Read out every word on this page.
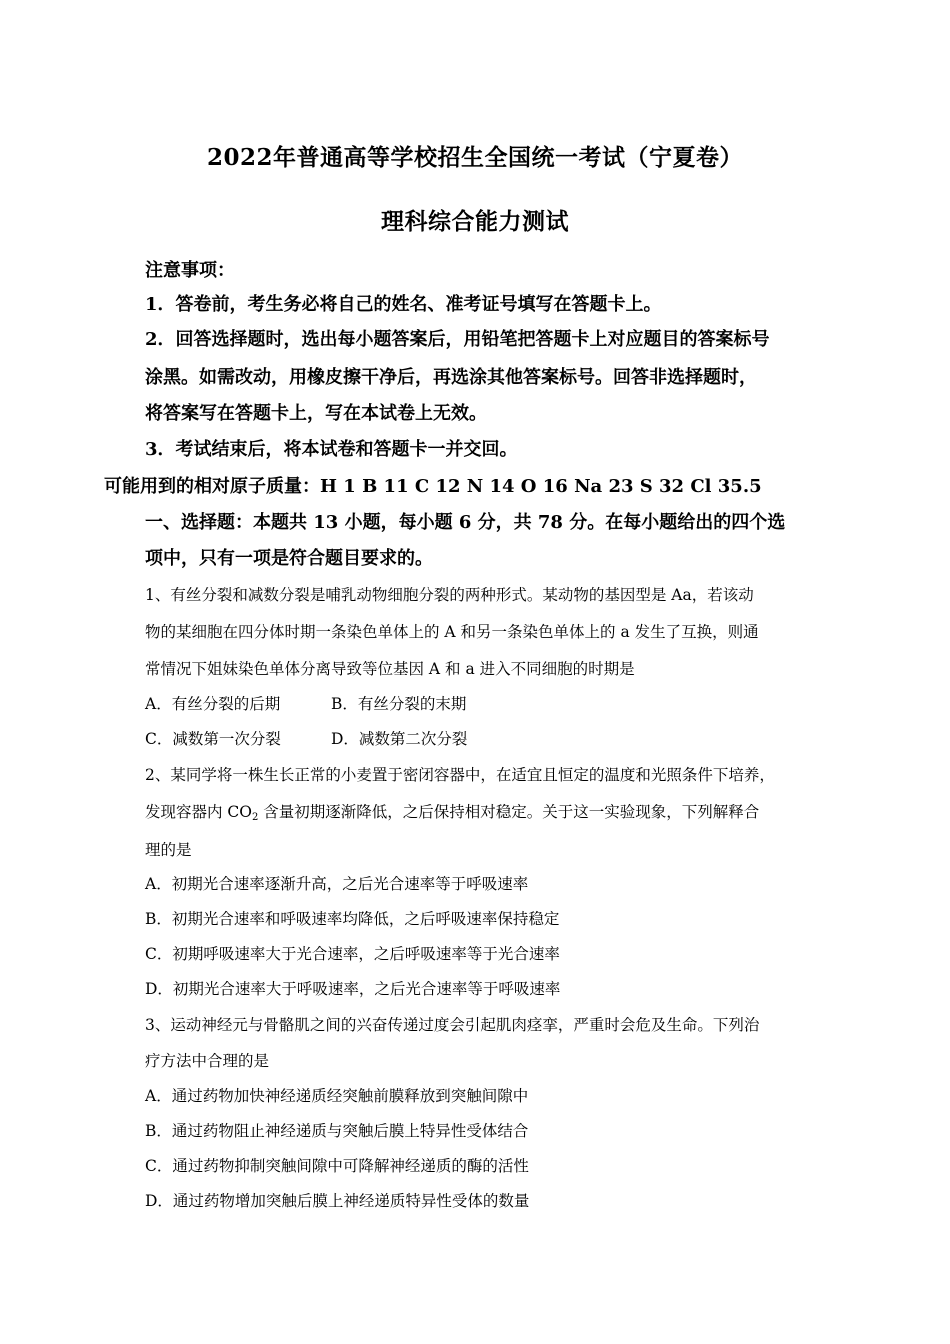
2022年普通高等学校招生全国统一考试（宁夏卷）
理科综合能力测试
注意事项：
1．答卷前，考生务必将自己的姓名、准考证号填写在答题卡上。
2．回答选择题时，选出每小题答案后，用铅笔把答题卡上对应题目的答案标号
涂黑。如需改动，用橡皮擦干净后，再选涂其他答案标号。回答非选择题时，
将答案写在答题卡上，写在本试卷上无效。
3．考试结束后，将本试卷和答题卡一并交回。
可能用到的相对原子质量：H 1 B 11 C 12 N 14 O 16 Na 23 S 32 Cl 35.5
一、选择题：本题共 13 小题，每小题 6 分，共 78 分。在每小题给出的四个选
项中，只有一项是符合题目要求的。
1、有丝分裂和减数分裂是哺乳动物细胞分裂的两种形式。某动物的基因型是 Aa，若该动
物的某细胞在四分体时期一条染色单体上的 A 和另一条染色单体上的 a 发生了互换，则通
常情况下姐妹染色单体分离导致等位基因 A 和 a 进入不同细胞的时期是
A．有丝分裂的后期	B．有丝分裂的末期
C．减数第一次分裂	D．减数第二次分裂
2、某同学将一株生长正常的小麦置于密闭容器中，在适宜且恒定的温度和光照条件下培养，
发现容器内 $CO_2$ 含量初期逐渐降低，之后保持相对稳定。关于这一实验现象，下列解释合
理的是
A．初期光合速率逐渐升高，之后光合速率等于呼吸速率
B．初期光合速率和呼吸速率均降低，之后呼吸速率保持稳定
C．初期呼吸速率大于光合速率，之后呼吸速率等于光合速率
D．初期光合速率大于呼吸速率，之后光合速率等于呼吸速率
3、运动神经元与骨骼肌之间的兴奋传递过度会引起肌肉痉挛，严重时会危及生命。下列治
疗方法中合理的是
A．通过药物加快神经递质经突触前膜释放到突触间隙中
B．通过药物阻止神经递质与突触后膜上特异性受体结合
C．通过药物抑制突触间隙中可降解神经递质的酶的活性
D．通过药物增加突触后膜上神经递质特异性受体的数量
